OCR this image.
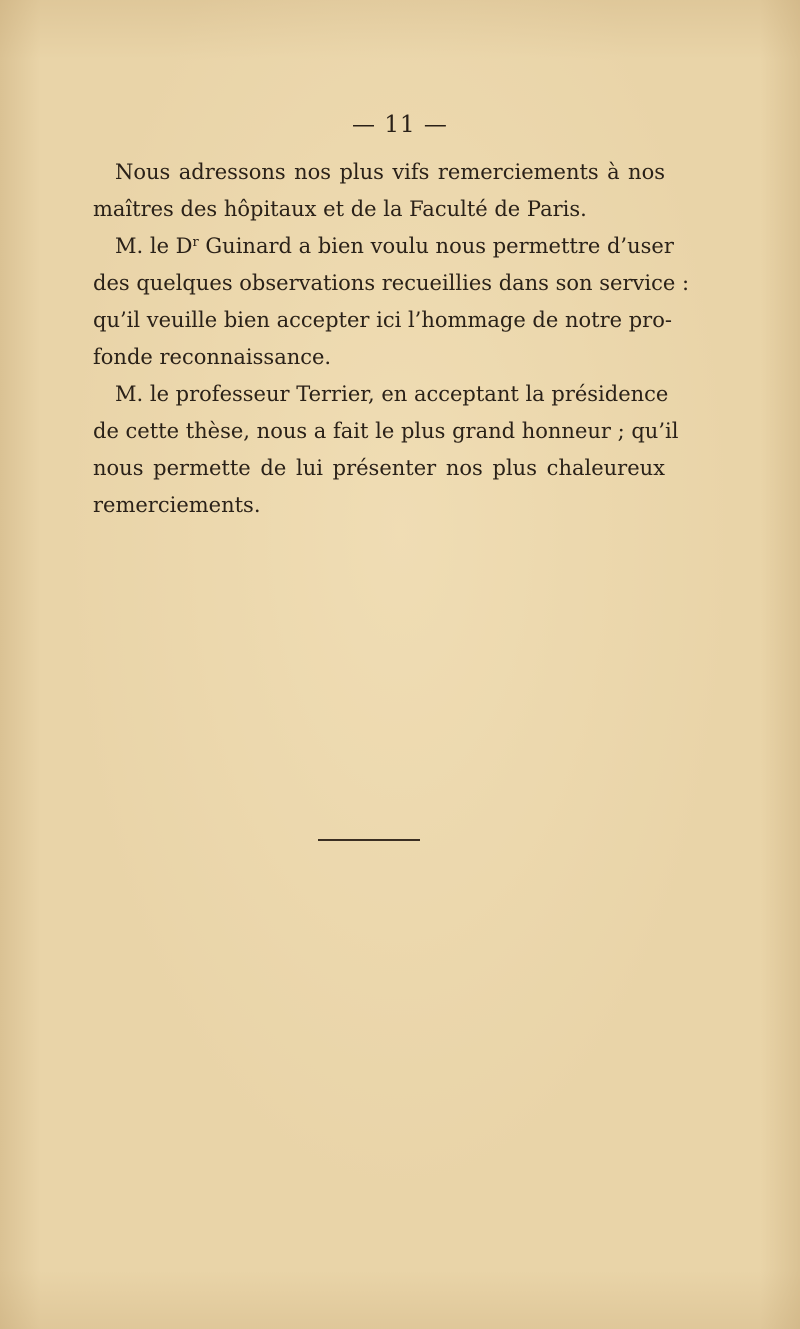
— 11 —

Nous adressons nos plus vifs remerciements à nos
maîtres des hôpitaux et de la Faculté de Paris.

M. le $D^r$ Guinard a bien voulu nous permettre d’user
des quelques observations recueillies dans son service :
qu’il veuille bien accepter ici l’hommage de notre pro-
fonde reconnaissance.

M. le professeur Terrier, en acceptant la présidence
de cette thèse, nous a fait le plus grand honneur ; qu’il
nous permette de lui présenter nos plus chaleureux
remerciements.
